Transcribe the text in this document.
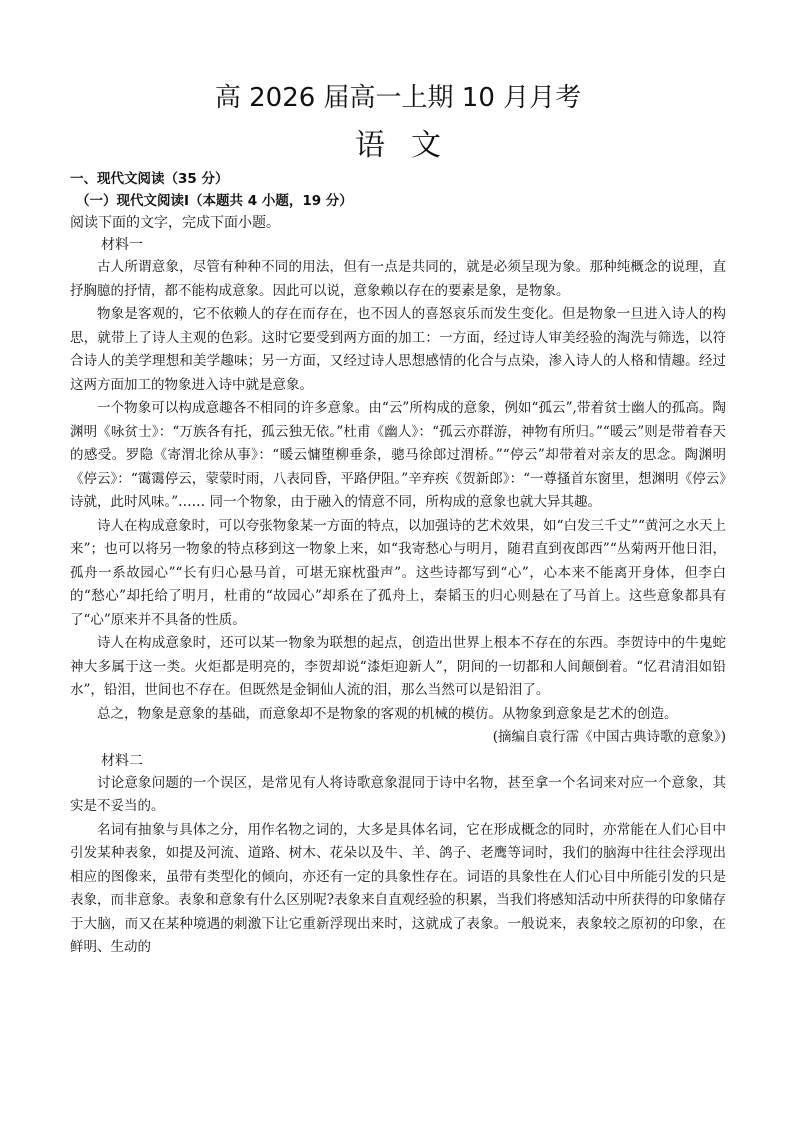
高 2026 届高一上期 10 月月考
语文

一、现代文阅读（35 分）

（一）现代文阅读Ⅰ（本题共 4 小题，19 分）

阅读下面的文字，完成下面小题。

材料一

古人所谓意象，尽管有种种不同的用法，但有一点是共同的，就是必须呈现为象。那种纯概念的说理，直抒胸臆的抒情，都不能构成意象。因此可以说，意象赖以存在的要素是象，是物象。

物象是客观的，它不依赖人的存在而存在，也不因人的喜怒哀乐而发生变化。但是物象一旦进入诗人的构思，就带上了诗人主观的色彩。这时它要受到两方面的加工：一方面，经过诗人审美经验的淘洗与筛选，以符合诗人的美学理想和美学趣味；另一方面，又经过诗人思想感情的化合与点染，渗入诗人的人格和情趣。经过这两方面加工的物象进入诗中就是意象。

一个物象可以构成意趣各不相同的许多意象。由“云”所构成的意象，例如“孤云”,带着贫士幽人的孤高。陶渊明《咏贫士》：“万族各有托，孤云独无依。”杜甫《幽人》：“孤云亦群游，神物有所归。”“暖云”则是带着春天的感受。罗隐《寄渭北徐从事》：“暖云慵堕柳垂条，骢马徐郎过渭桥。”“停云”却带着对亲友的思念。陶渊明《停云》：“霭霭停云，蒙蒙时雨，八表同昏，平路伊阻。”辛弃疾《贺新郎》：“一尊搔首东窗里，想渊明《停云》诗就，此时风味。”…… 同一个物象，由于融入的情意不同，所构成的意象也就大异其趣。

诗人在构成意象时，可以夸张物象某一方面的特点，以加强诗的艺术效果，如“白发三千丈”“黄河之水天上来”；也可以将另一物象的特点移到这一物象上来，如“我寄愁心与明月，随君直到夜郎西”“丛菊两开他日泪，孤舟一系故园心”“长有归心悬马首，可堪无寐枕蛩声”。这些诗都写到“心”，心本来不能离开身体，但李白的“愁心”却托给了明月，杜甫的“故园心”却系在了孤舟上，秦韬玉的归心则悬在了马首上。这些意象都具有了“心”原来并不具备的性质。

诗人在构成意象时，还可以某一物象为联想的起点，创造出世界上根本不存在的东西。李贺诗中的牛鬼蛇神大多属于这一类。火炬都是明亮的，李贺却说“漆炬迎新人”，阴间的一切都和人间颠倒着。“忆君清泪如铅水”，铅泪，世间也不存在。但既然是金铜仙人流的泪，那么当然可以是铅泪了。

总之，物象是意象的基础，而意象却不是物象的客观的机械的模仿。从物象到意象是艺术的创造。

(摘编自袁行霈《中国古典诗歌的意象》)

材料二

讨论意象问题的一个误区，是常见有人将诗歌意象混同于诗中名物，甚至拿一个名词来对应一个意象，其实是不妥当的。

名词有抽象与具体之分，用作名物之词的，大多是具体名词，它在形成概念的同时，亦常能在人们心目中引发某种表象，如提及河流、道路、树木、花朵以及牛、羊、鸽子、老鹰等词时，我们的脑海中往往会浮现出相应的图像来，虽带有类型化的倾向，亦还有一定的具象性存在。词语的具象性在人们心目中所能引发的只是表象，而非意象。表象和意象有什么区别呢?表象来自直观经验的积累，当我们将感知活动中所获得的印象储存于大脑，而又在某种境遇的刺激下让它重新浮现出来时，这就成了表象。一般说来，表象较之原初的印象，在鲜明、生动的
